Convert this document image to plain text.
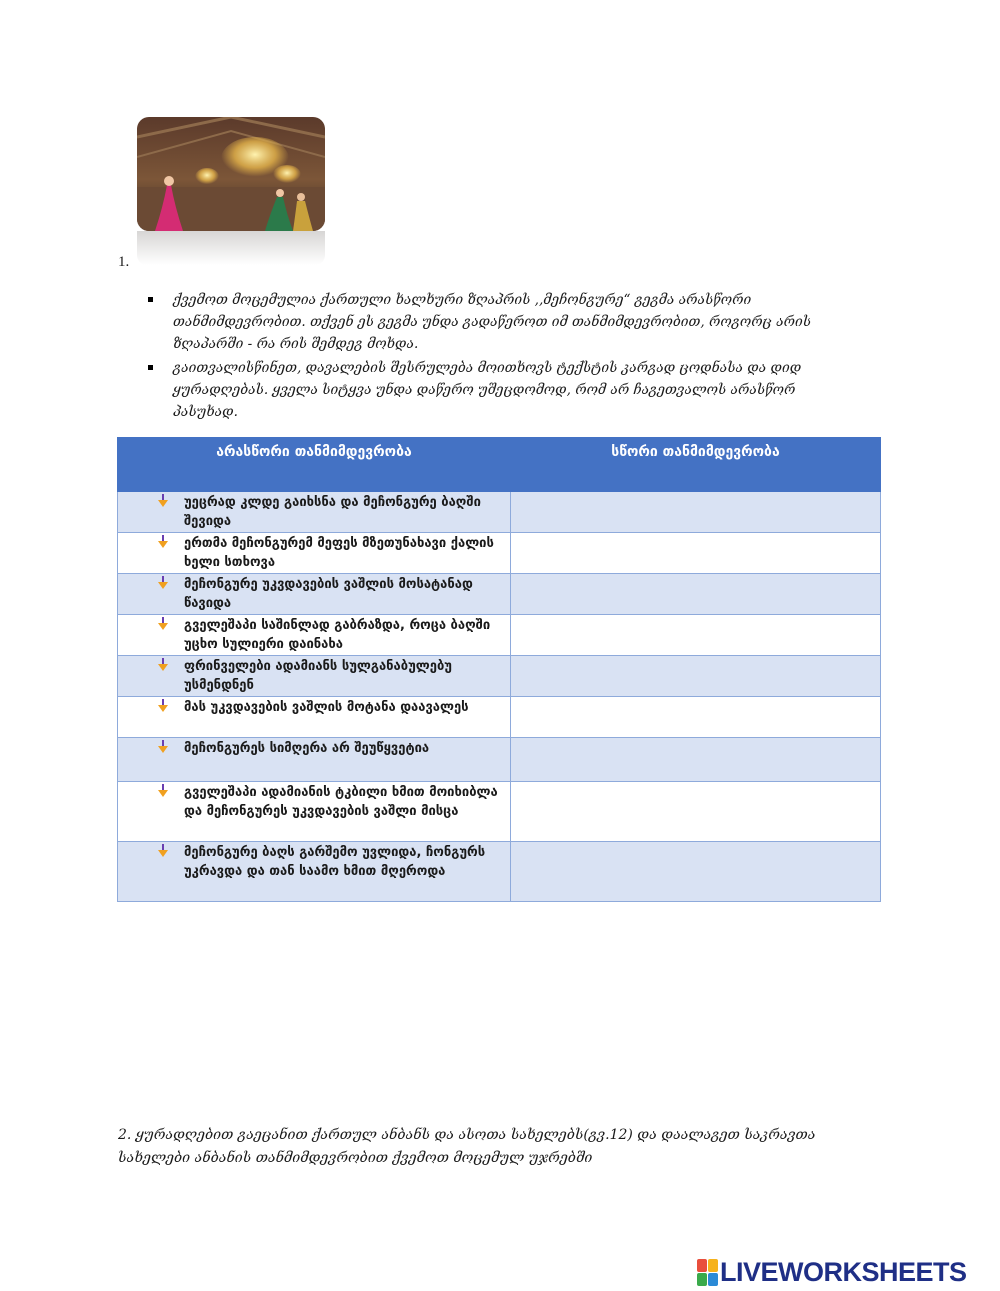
1.
ქვემოთ მოცემულია ქართული ხალხური ზღაპრის ,,მეჩონგურე“ გეგმა არასწორი თანმიმდევრობით. თქვენ ეს გეგმა უნდა გადაწეროთ იმ თანმიმდევრობით, როგორც არის ზღაპარში - რა რის შემდეგ მოხდა.
გაითვალისწინეთ, დავალების შესრულება მოითხოვს ტექსტის კარგად ცოდნასა და დიდ ყურადღებას. ყველა სიტყვა უნდა დაწერო უშეცდომოდ, რომ არ ჩაგეთვალოს არასწორ პასუხად.
არასწორი თანმიმდევრობა	სწორი თანმიმდევრობა

უეცრად კლდე გაიხსნა და მეჩონგურე ბაღში შევიდა	

ერთმა მეჩონგურემ მეფეს მზეთუნახავი ქალის ხელი სთხოვა	

მეჩონგურე უკვდავების ვაშლის მოსატანად წავიდა	

გველეშაპი საშინლად გაბრაზდა, როცა ბაღში უცხო სულიერი დაინახა	

ფრინველები ადამიანს სულგანაბულებუ უსმენდნენ	

მას უკვდავების ვაშლის მოტანა დაავალეს	

მეჩონგურეს სიმღერა არ შეუწყვეტია	

გველეშაპი ადამიანის ტკბილი ხმით მოიხიბლა და მეჩონგურეს უკვდავების ვაშლი მისცა	

მეჩონგურე ბაღს გარშემო უვლიდა, ჩონგურს უკრავდა და თან საამო ხმით მღეროდა	

2. ყურადღებით გაეცანით ქართულ ანბანს და ასოთა სახელებს(გვ.12) და დაალაგეთ საკრავთა სახელები ანბანის თანმიმდევრობით ქვემოთ მოცემულ უჯრებში
LIVEWORKSHEETS
